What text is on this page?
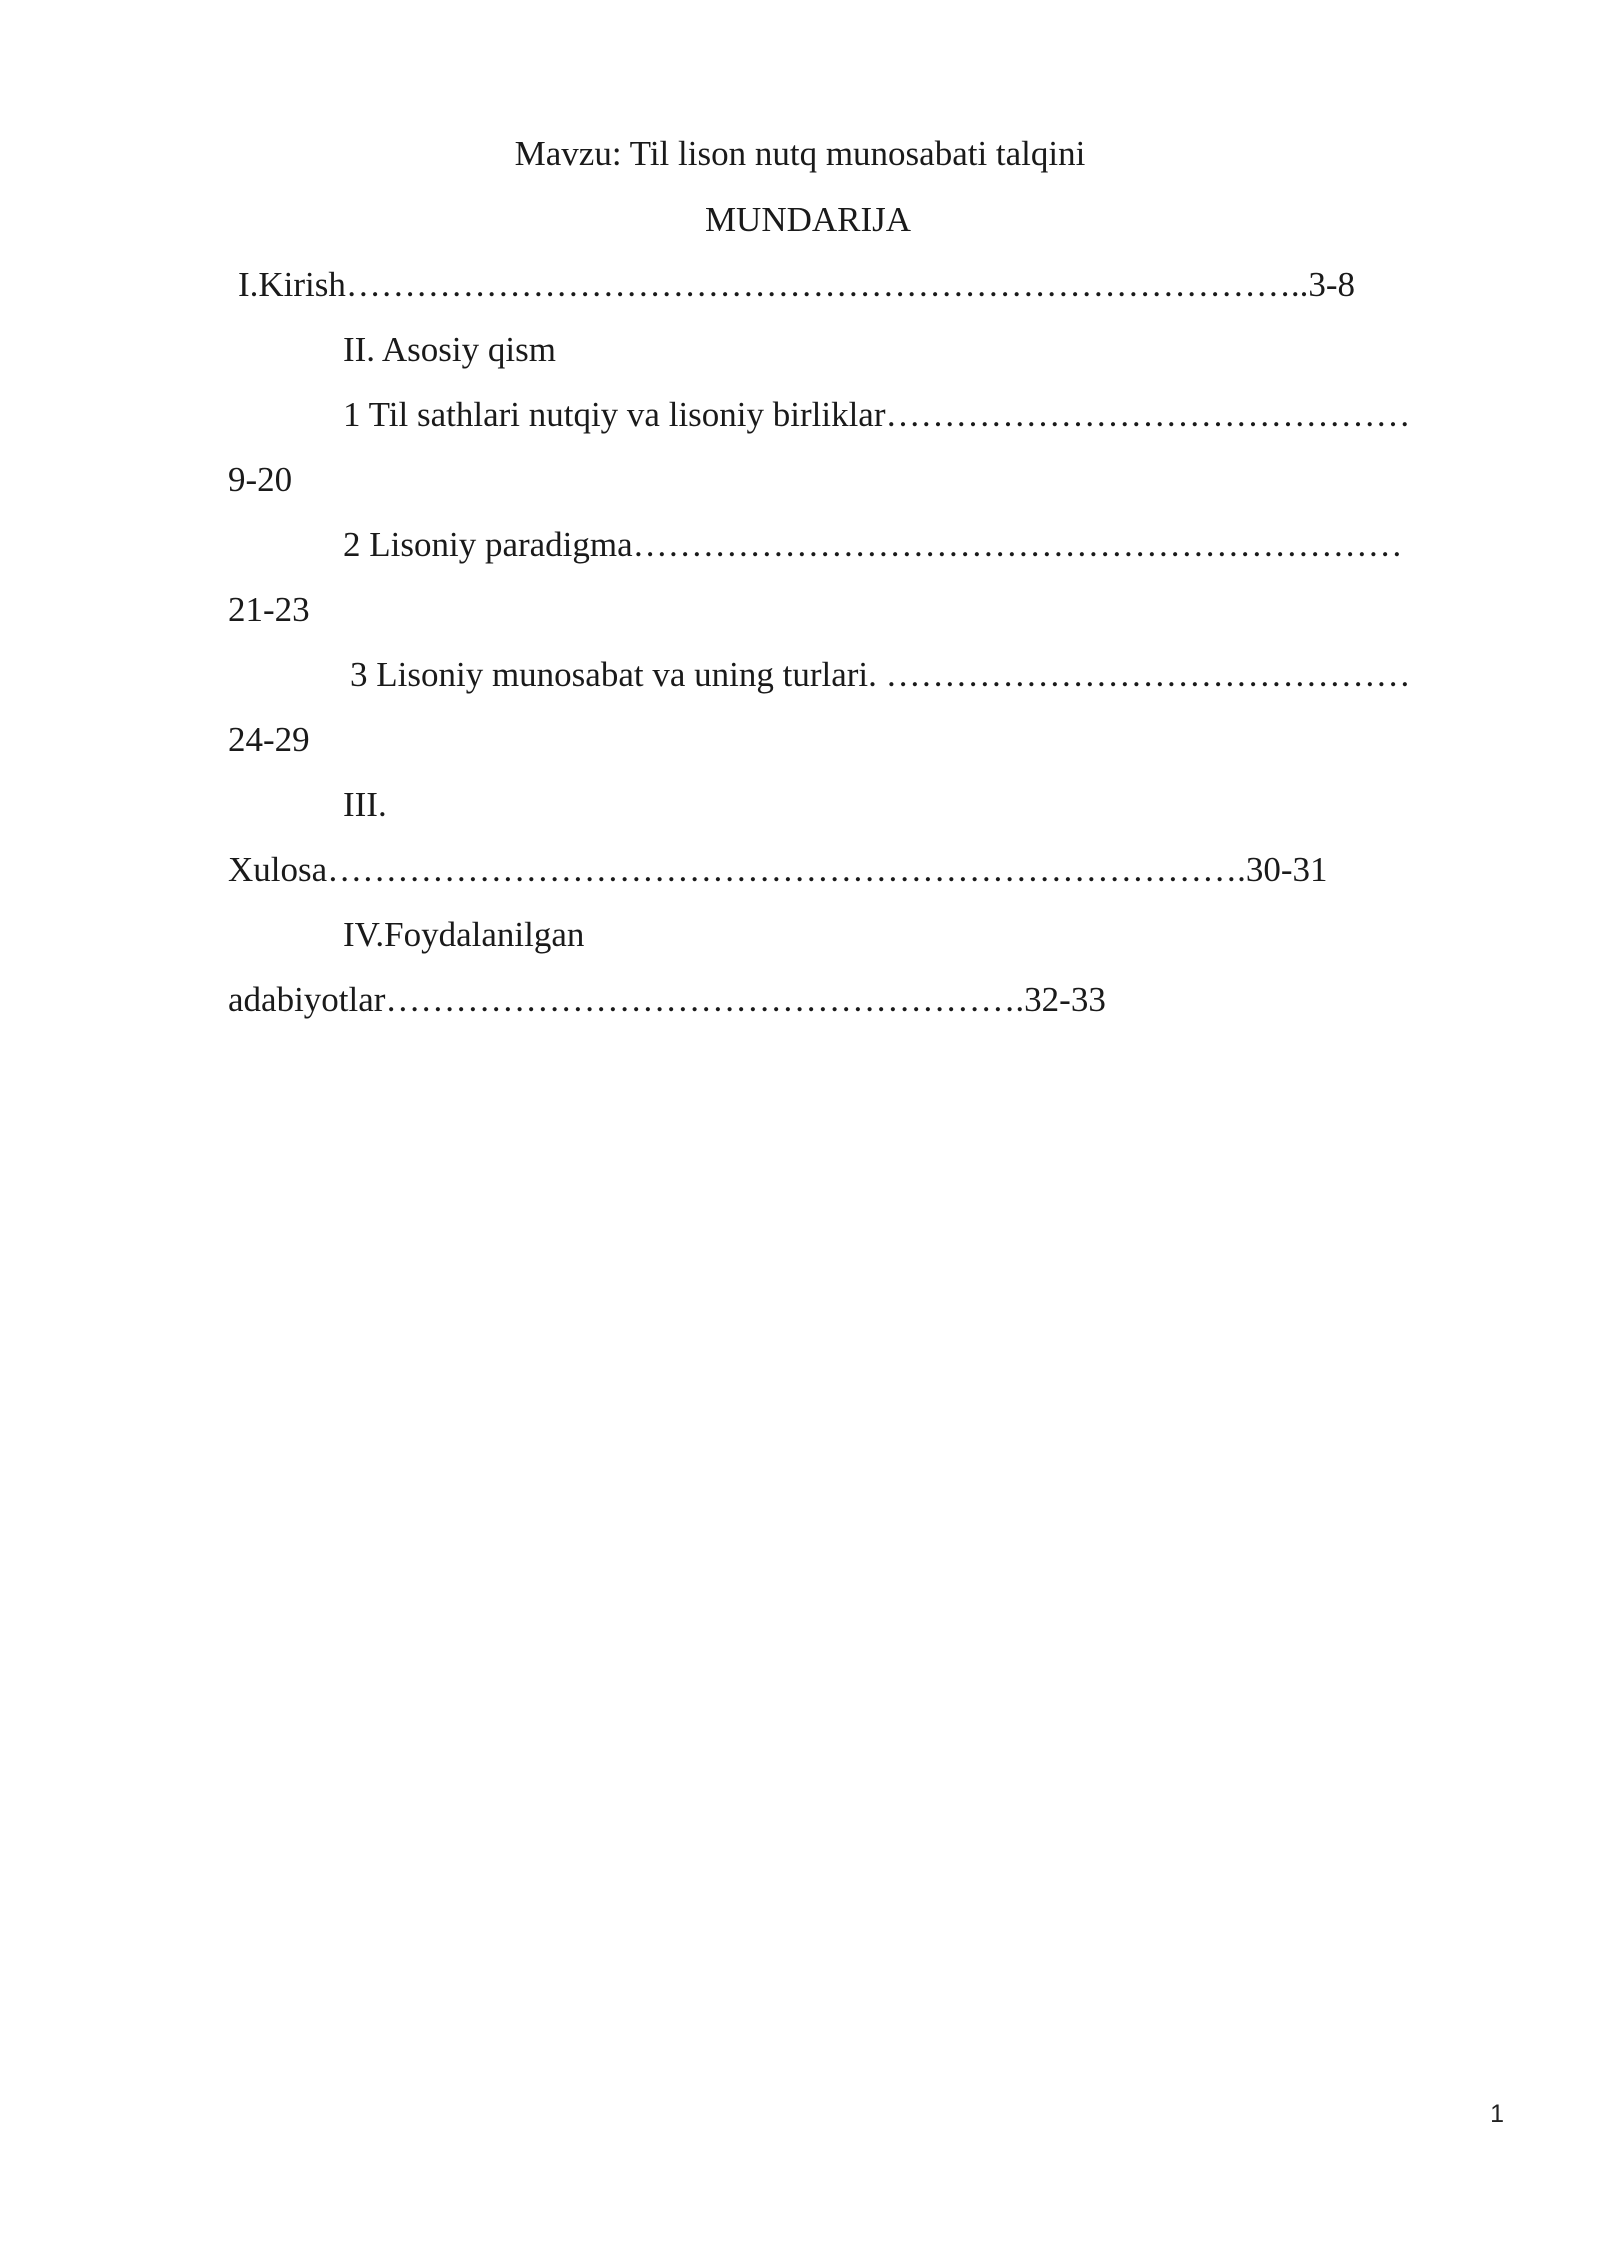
Mavzu: Til lison nutq munosabati talqini

MUNDARIJA

I.Kirish………………………………………………………………………..3-8

II. Asosiy qism

1 Til sathlari nutqiy va lisoniy birliklar………………………………………

9-20

2 Lisoniy paradigma…………………………………………………………

21-23

3 Lisoniy munosabat va uning turlari. ………………………………………

24-29

III.

Xulosa…………………………………………………………………….30-31

IV.Foydalanilgan

adabiyotlar……………………………………………….32-33

1
